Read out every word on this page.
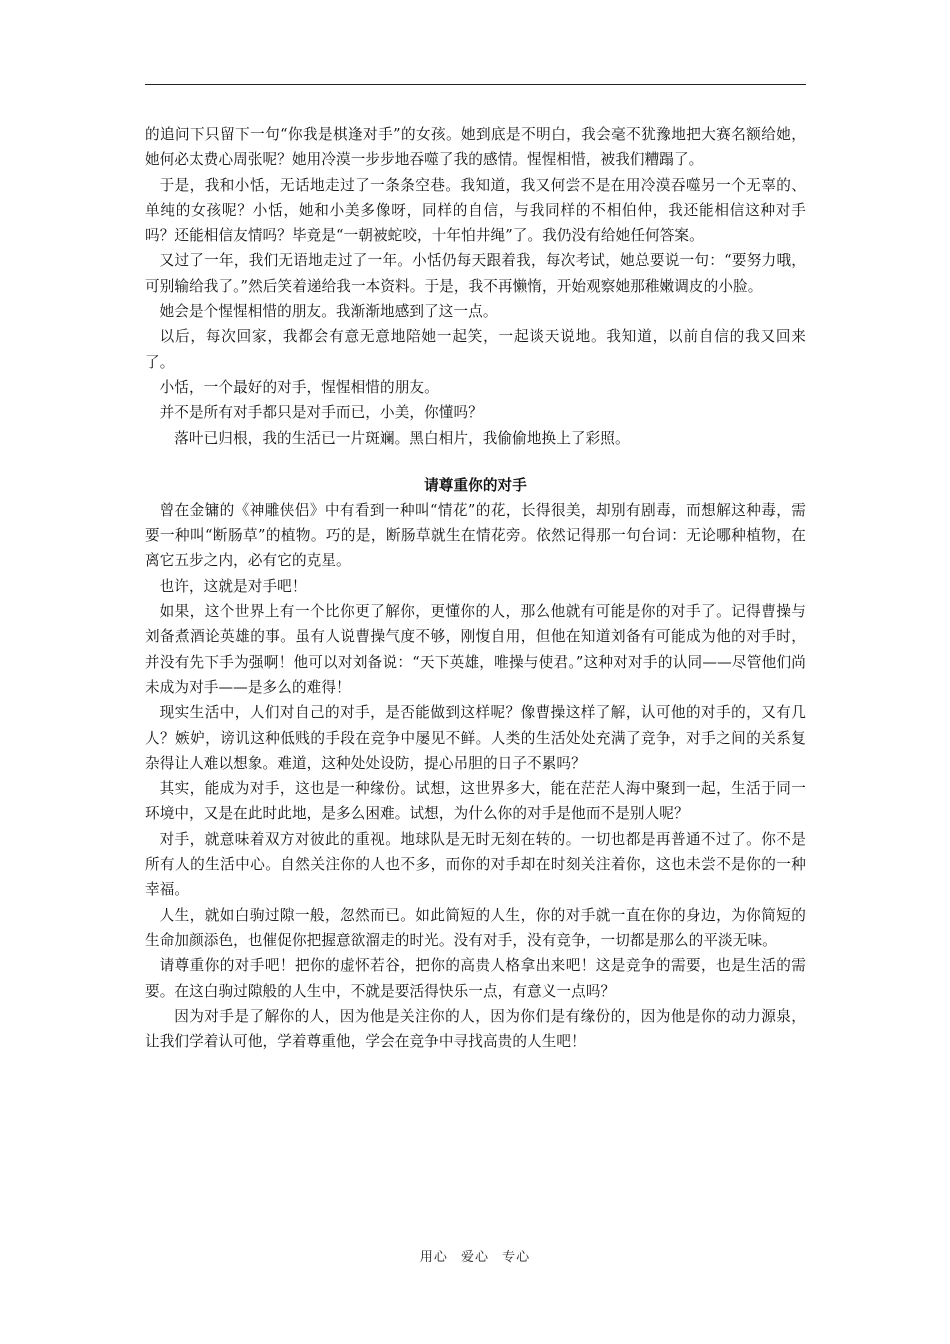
的追问下只留下一句“你我是棋逢对手”的女孩。她到底是不明白，我会毫不犹豫地把大赛名额给她，她何必太费心周张呢？她用冷漠一步步地吞噬了我的感情。惺惺相惜，被我们糟蹋了。

于是，我和小恬，无话地走过了一条条空巷。我知道，我又何尝不是在用冷漠吞噬另一个无辜的、单纯的女孩呢？小恬，她和小美多像呀，同样的自信，与我同样的不相伯仲，我还能相信这种对手吗？还能相信友情吗？毕竟是“一朝被蛇咬，十年怕井绳”了。我仍没有给她任何答案。

又过了一年，我们无语地走过了一年。小恬仍每天跟着我，每次考试，她总要说一句：“要努力哦，可别输给我了。”然后笑着递给我一本资料。于是，我不再懒惰，开始观察她那稚嫩调皮的小脸。

她会是个惺惺相惜的朋友。我渐渐地感到了这一点。

以后，每次回家，我都会有意无意地陪她一起笑，一起谈天说地。我知道，以前自信的我又回来了。

小恬，一个最好的对手，惺惺相惜的朋友。

并不是所有对手都只是对手而已，小美，你懂吗？

落叶已归根，我的生活已一片斑斓。黑白相片，我偷偷地换上了彩照。

请尊重你的对手

曾在金镛的《神雕侠侣》中有看到一种叫“情花”的花，长得很美，却别有剧毒，而想解这种毒，需要一种叫“断肠草”的植物。巧的是，断肠草就生在情花旁。依然记得那一句台词：无论哪种植物，在离它五步之内，必有它的克星。

也许，这就是对手吧！

如果，这个世界上有一个比你更了解你，更懂你的人，那么他就有可能是你的对手了。记得曹操与刘备煮酒论英雄的事。虽有人说曹操气度不够，刚愎自用，但他在知道刘备有可能成为他的对手时，并没有先下手为强啊！他可以对刘备说：“天下英雄，唯操与使君。”这种对对手的认同——尽管他们尚未成为对手——是多么的难得！

现实生活中，人们对自己的对手，是否能做到这样呢？像曹操这样了解，认可他的对手的，又有几人？嫉妒，谤讥这种低贱的手段在竞争中屡见不鲜。人类的生活处处充满了竞争，对手之间的关系复杂得让人难以想象。难道，这种处处设防，提心吊胆的日子不累吗？

其实，能成为对手，这也是一种缘份。试想，这世界多大，能在茫茫人海中聚到一起，生活于同一环境中，又是在此时此地，是多么困难。试想，为什么你的对手是他而不是别人呢？

对手，就意味着双方对彼此的重视。地球队是无时无刻在转的。一切也都是再普通不过了。你不是所有人的生活中心。自然关注你的人也不多，而你的对手却在时刻关注着你，这也未尝不是你的一种幸福。

人生，就如白驹过隙一般，忽然而已。如此简短的人生，你的对手就一直在你的身边，为你简短的生命加颜添色，也催促你把握意欲溜走的时光。没有对手，没有竞争，一切都是那么的平淡无味。

请尊重你的对手吧！把你的虚怀若谷，把你的高贵人格拿出来吧！这是竞争的需要，也是生活的需要。在这白驹过隙般的人生中，不就是要活得快乐一点，有意义一点吗？

因为对手是了解你的人，因为他是关注你的人，因为你们是有缘份的，因为他是你的动力源泉，让我们学着认可他，学着尊重他，学会在竞争中寻找高贵的人生吧！

用心 爱心 专心
